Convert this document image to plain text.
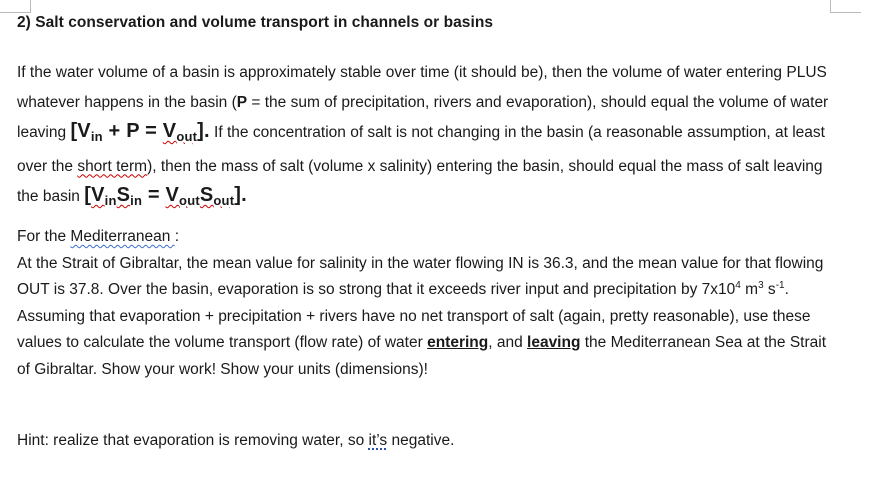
2) Salt conservation and volume transport in channels or basins
If the water volume of a basin is approximately stable over time (it should be), then the volume of water entering PLUS whatever happens in the basin (P = the sum of precipitation, rivers and evaporation), should equal the volume of water leaving $[V_{in} + P = V_{out}]$. If the concentration of salt is not changing in the basin (a reasonable assumption, at least over the short term), then the mass of salt (volume x salinity) entering the basin, should equal the mass of salt leaving the basin $[V_{in}S_{in} = V_{out}S_{out}]$.
For the Mediterranean :
At the Strait of Gibraltar, the mean value for salinity in the water flowing IN is 36.3, and the mean value for that flowing OUT is 37.8. Over the basin, evaporation is so strong that it exceeds river input and precipitation by $7x10^4$ $m^3$ $s^{-1}$. Assuming that evaporation + precipitation + rivers have no net transport of salt (again, pretty reasonable), use these values to calculate the volume transport (flow rate) of water entering, and leaving the Mediterranean Sea at the Strait of Gibraltar. Show your work! Show your units (dimensions)!
Hint: realize that evaporation is removing water, so it’s negative.
